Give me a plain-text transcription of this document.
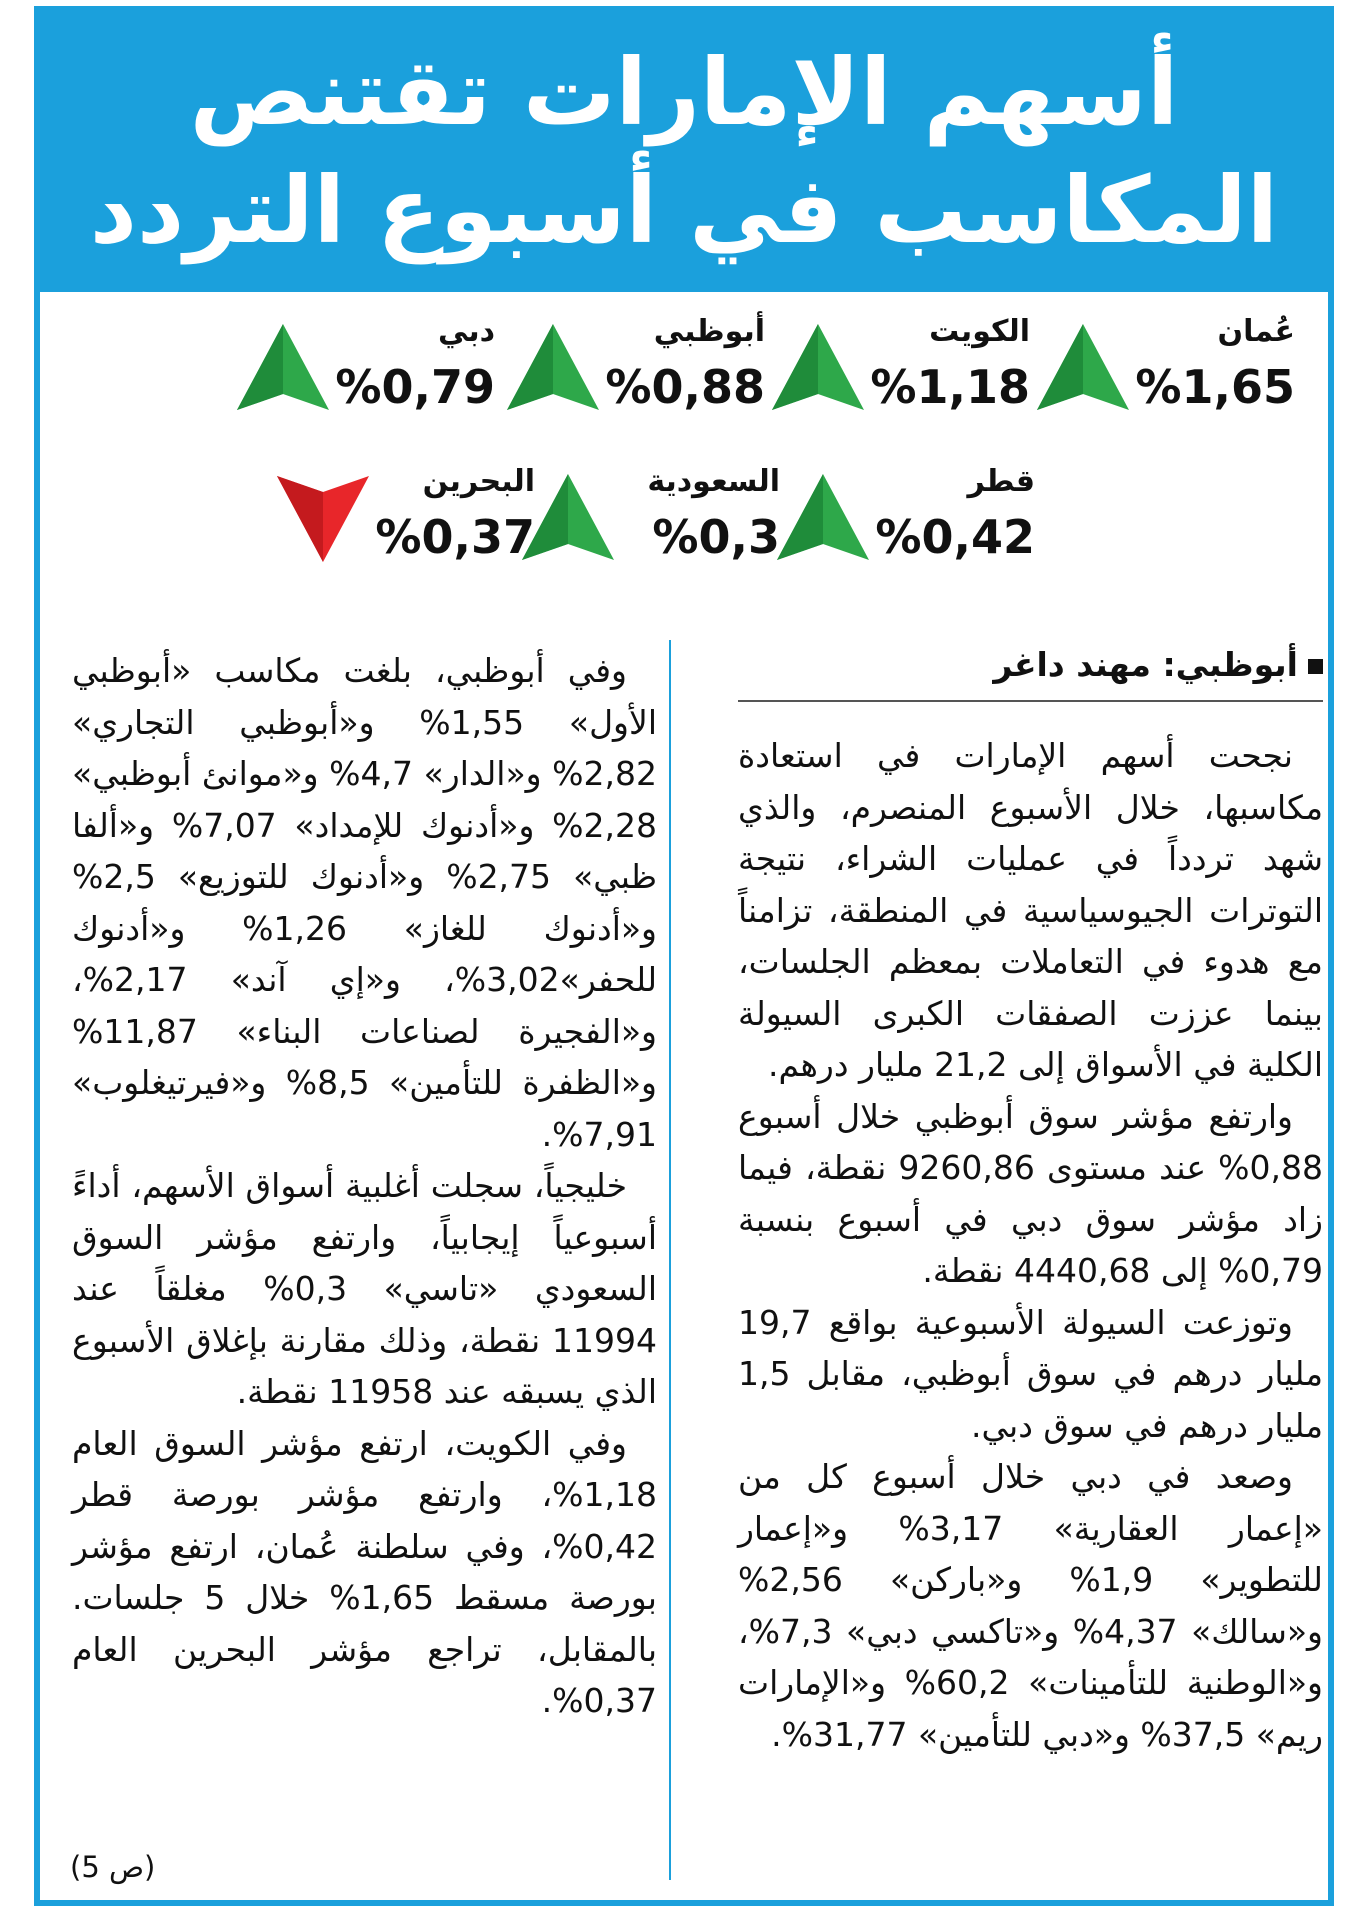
أسهم الإمارات تقتنص
المكاسب في أسبوع التردد
عُمان
%1,65
الكويت
%1,18
أبوظبي
%0,88
دبي
%0,79
قطر
%0,42
السعودية
%0,3
البحرين
%0,37
أبوظبي: مهند داغر

نجحت أسهم الإمارات في استعادة مكاسبها، خلال الأسبوع المنصرم، والذي شهد تردداً في عمليات الشراء، نتيجة التوترات الجيوسياسية في المنطقة، تزامناً مع هدوء في التعاملات بمعظم الجلسات، بينما عززت الصفقات الكبرى السيولة الكلية في الأسواق إلى 21,2 مليار درهم.

وارتفع مؤشر سوق أبوظبي خلال أسبوع 0,88% عند مستوى 9260,86 نقطة، فيما زاد مؤشر سوق دبي في أسبوع بنسبة 0,79% إلى 4440,68 نقطة.

وتوزعت السيولة الأسبوعية بواقع 19,7 مليار درهم في سوق أبوظبي، مقابل 1,5 مليار درهم في سوق دبي.

وصعد في دبي خلال أسبوع كل من «إعمار العقارية» 3,17% و«إعمار للتطوير» 1,9% و«باركن» 2,56% و«سالك» 4,37% و«تاكسي دبي» 7,3%، و«الوطنية للتأمينات» 60,2% و«الإمارات ريم» 37,5% و«دبي للتأمين» 31,77%.

وفي أبوظبي، بلغت مكاسب «أبوظبي الأول» 1,55% و«أبوظبي التجاري» 2,82% و«الدار» 4,7% و«موانئ أبوظبي» 2,28% و«أدنوك للإمداد» 7,07% و«ألفا ظبي» 2,75% و«أدنوك للتوزيع» 2,5% و«أدنوك للغاز» 1,26% و«أدنوك للحفر»3,02%، و«إي آند» 2,17%، و«الفجيرة لصناعات البناء» 11,87% و«الظفرة للتأمين» 8,5% و«فيرتيغلوب» 7,91%.

خليجياً، سجلت أغلبية أسواق الأسهم، أداءً أسبوعياً إيجابياً، وارتفع مؤشر السوق السعودي «تاسي» 0,3% مغلقاً عند 11994 نقطة، وذلك مقارنة بإغلاق الأسبوع الذي يسبقه عند 11958 نقطة.

وفي الكويت، ارتفع مؤشر السوق العام 1,18%، وارتفع مؤشر بورصة قطر 0,42%، وفي سلطنة عُمان، ارتفع مؤشر بورصة مسقط 1,65% خلال 5 جلسات. بالمقابل، تراجع مؤشر البحرين العام 0,37%.

(ص 5)
